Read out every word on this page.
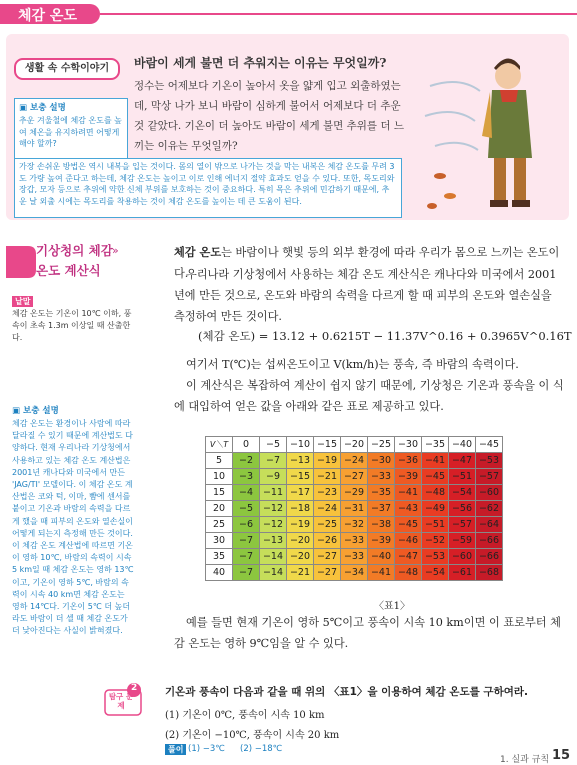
체감 온도
생활 속 수학이야기	바람이 세게 불면 더 추워지는 이유는 무엇일까?
정수는 어제보다 기온이 높아서 옷을 얇게 입고 외출하였는데, 막상 나가 보니 바람이 심하게 불어서 어제보다 더 추운 것 같았다. 기온이 더 높아도 바람이 세게 불면 추위를 더 느끼는 이유는 무엇일까?
▣ 보충 설명
추운 겨울철에 체감 온도를 높여 체온을 유지하려면 어떻게 해야 할까?
가장 손쉬운 방법은 역시 내복을 입는 것이다. 몸의 열이 밖으로 나가는 것을 막는 내복은 체감 온도를 무려 3도 가량 높여 준다고 하는데, 체감 온도는 높이고 이로 인해 에너지 절약 효과도 얻을 수 있다. 또한, 목도리와 장갑, 모자 등으로 추위에 약한 신체 부위를 보호하는 것이 중요하다. 특히 목은 추위에 민감하기 때문에, 추운 날 외출 시에는 목도리를 착용하는 것이 체감 온도를 높이는 데 큰 도움이 된다.
기상청의 체감 온도 계산식
»
낱말
체감 온도는 기온이 10℃ 이하, 풍속이 초속 1.3m 이상일 때 산출한다.
▣ 보충 설명
체감 온도는 환경이나 사람에 따라 달라질 수 있기 때문에 계산법도 다양하다. 현재 우리나라 기상청에서 사용하고 있는 체감 온도 계산법은 2001년 캐나다와 미국에서 만든 'JAG/TI' 모델이다. 이 체감 온도 계산법은 코와 턱, 이마, 뺨에 센서를 붙이고 기온과 바람의 속력을 다르게 했을 때 피부의 온도와 열손실이 어떻게 되는지 측정해 만든 것이다. 이 체감 온도 계산법에 따르면 기온이 영하 10℃, 바람의 속력이 시속 5 km일 때 체감 온도는 영하 13℃이고, 기온이 영하 5℃, 바람의 속력이 시속 40 km면 체감 온도는 영하 14℃다. 기온이 5℃ 더 높더라도 바람이 더 셀 때 체감 온도가 더 낮아진다는 사실이 밝혀졌다.
체감 온도는 바람이나 햇빛 등의 외부 환경에 따라 우리가 몸으로 느끼는 온도이다.
우리나라 기상청에서 사용하는 체감 온도 계산식은 캐나다와 미국에서 2001년에 만든 것으로, 온도와 바람의 속력을 다르게 할 때 피부의 온도와 열손실을 측정하여 만든 것이다.
(체감 온도) = 13.12 + 0.6215T − 11.37V^0.16 + 0.3965V^0.16T
여기서 T(℃)는 섭씨온도이고 V(km/h)는 풍속, 즉 바람의 속력이다.
이 계산식은 복잡하여 계산이 쉽지 않기 때문에, 기상청은 기온과 풍속을 이 식에 대입하여 얻은 값을 아래와 같은 표로 제공하고 있다.
V＼T	0	−5	−10	−15	−20	−25	−30	−35	−40	−45
5	−2	−7	−13	−19	−24	−30	−36	−41	−47	−53
10	−3	−9	−15	−21	−27	−33	−39	−45	−51	−57
15	−4	−11	−17	−23	−29	−35	−41	−48	−54	−60
20	−5	−12	−18	−24	−31	−37	−43	−49	−56	−62
25	−6	−12	−19	−25	−32	−38	−45	−51	−57	−64
30	−7	−13	−20	−26	−33	−39	−46	−52	−59	−66
35	−7	−14	−20	−27	−33	−40	−47	−53	−60	−66
40	−7	−14	−21	−27	−34	−41	−48	−54	−61	−68
〈표1〉
예를 들면 현재 기온이 영하 5℃이고 풍속이 시속 10 km이면 이 표로부터 체감 온도는 영하 9℃임을 알 수 있다.
2
탐구 문제
기온과 풍속이 다음과 같을 때 위의 〈표1〉을 이용하여 체감 온도를 구하여라.
(1) 기온이 0℃, 풍속이 시속 10 km
(2) 기온이 −10℃, 풍속이 시속 20 km
풀이 (1) −3℃ (2) −18℃
1. 실과 규칙 15
